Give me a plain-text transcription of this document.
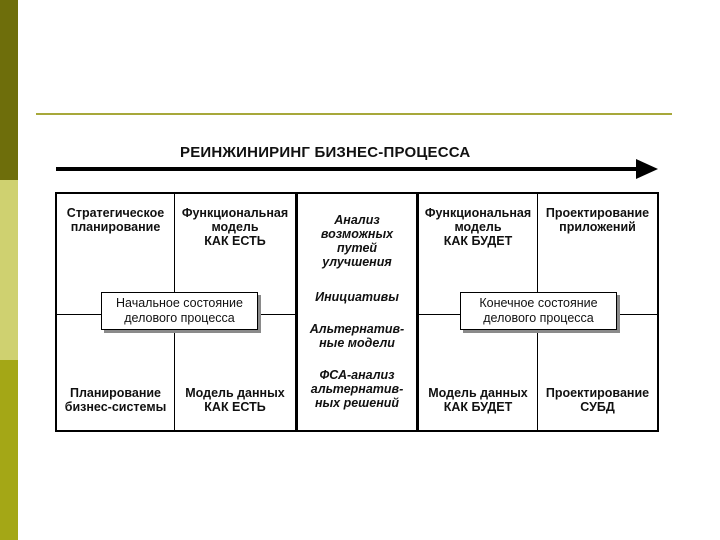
РЕИНЖИНИРИНГ БИЗНЕС-ПРОЦЕССА
Стратегическое
планирование
Функциональная
модель
КАК ЕСТЬ
Анализ
возможных
путей
улучшения
Функциональная
модель
КАК БУДЕТ
Проектирование
приложений
Инициативы
Альтернатив-
ные модели
ФСА-анализ
альтернатив-
ных решений
Планирование
бизнес-системы
Модель данных
КАК ЕСТЬ
Модель данных
КАК БУДЕТ
Проектирование
СУБД
Начальное состояние
делового процесса
Конечное состояние
делового процесса
